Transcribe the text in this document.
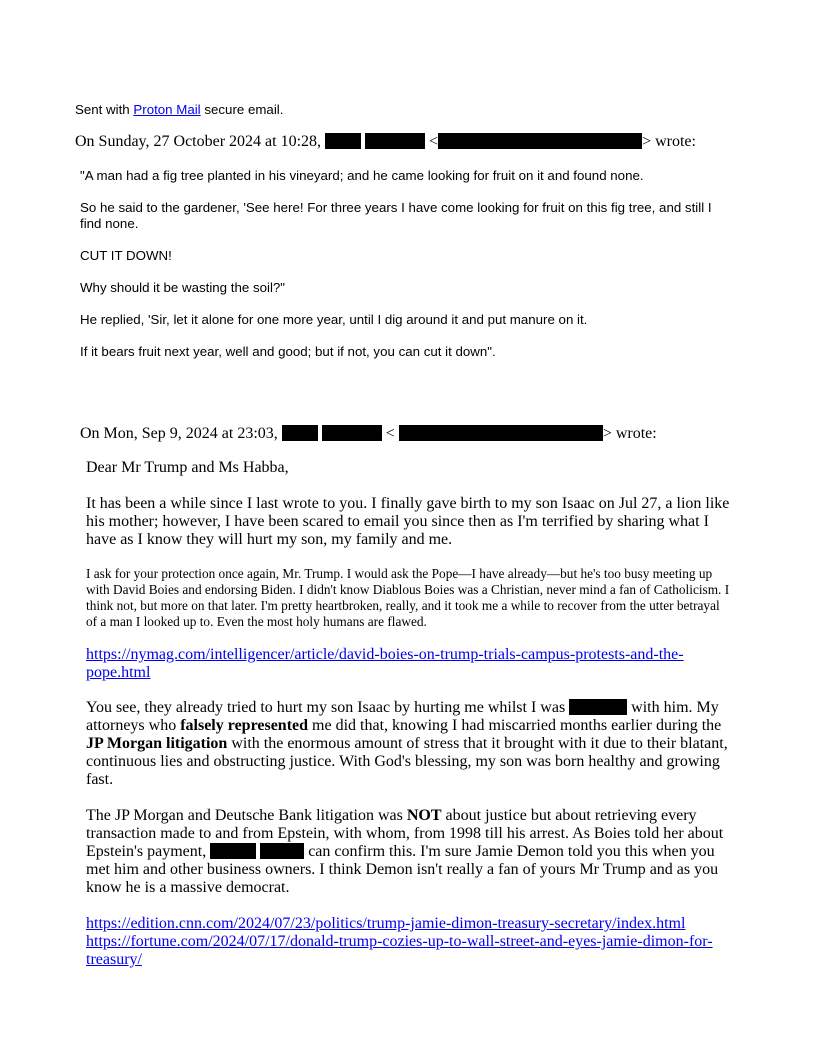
Sent with Proton Mail secure email.
On Sunday, 27 October 2024 at 10:28,	<	> wrote:

"A man had a fig tree planted in his vineyard; and he came looking for fruit on it and found none.

So he said to the gardener, 'See here! For three years I have come looking for fruit on this fig tree, and still I find none.

CUT IT DOWN!

Why should it be wasting the soil?"

He replied, 'Sir, let it alone for one more year, until I dig around it and put manure on it.

If it bears fruit next year, well and good; but if not, you can cut it down".

On Mon, Sep 9, 2024 at 23:03,	<	> wrote:

Dear Mr Trump and Ms Habba,

It has been a while since I last wrote to you. I finally gave birth to my son Isaac on Jul 27, a lion like his mother; however, I have been scared to email you since then as I'm terrified by sharing what I have as I know they will hurt my son, my family and me.

I ask for your protection once again, Mr. Trump. I would ask the Pope—I have already—but he's too busy meeting up with David Boies and endorsing Biden. I didn't know Diablous Boies was a Christian, never mind a fan of Catholicism. I think not, but more on that later. I'm pretty heartbroken, really, and it took me a while to recover from the utter betrayal of a man I looked up to. Even the most holy humans are flawed.

https://nymag.com/intelligencer/article/david-boies-on-trump-trials-campus-protests-and-the-pope.html

You see, they already tried to hurt my son Isaac by hurting me whilst I was	with him. My attorneys who falsely represented me did that, knowing I had miscarried months earlier during the JP Morgan litigation with the enormous amount of stress that it brought with it due to their blatant, continuous lies and obstructing justice. With God's blessing, my son was born healthy and growing fast.

The JP Morgan and Deutsche Bank litigation was NOT about justice but about retrieving every transaction made to and from Epstein, with whom, from 1998 till his arrest. As Boies told her about Epstein's payment,	can confirm this. I'm sure Jamie Demon told you this when you met him and other business owners. I think Demon isn't really a fan of yours Mr Trump and as you know he is a massive democrat.

https://edition.cnn.com/2024/07/23/politics/trump-jamie-dimon-treasury-secretary/index.html

https://fortune.com/2024/07/17/donald-trump-cozies-up-to-wall-street-and-eyes-jamie-dimon-for-treasury/
